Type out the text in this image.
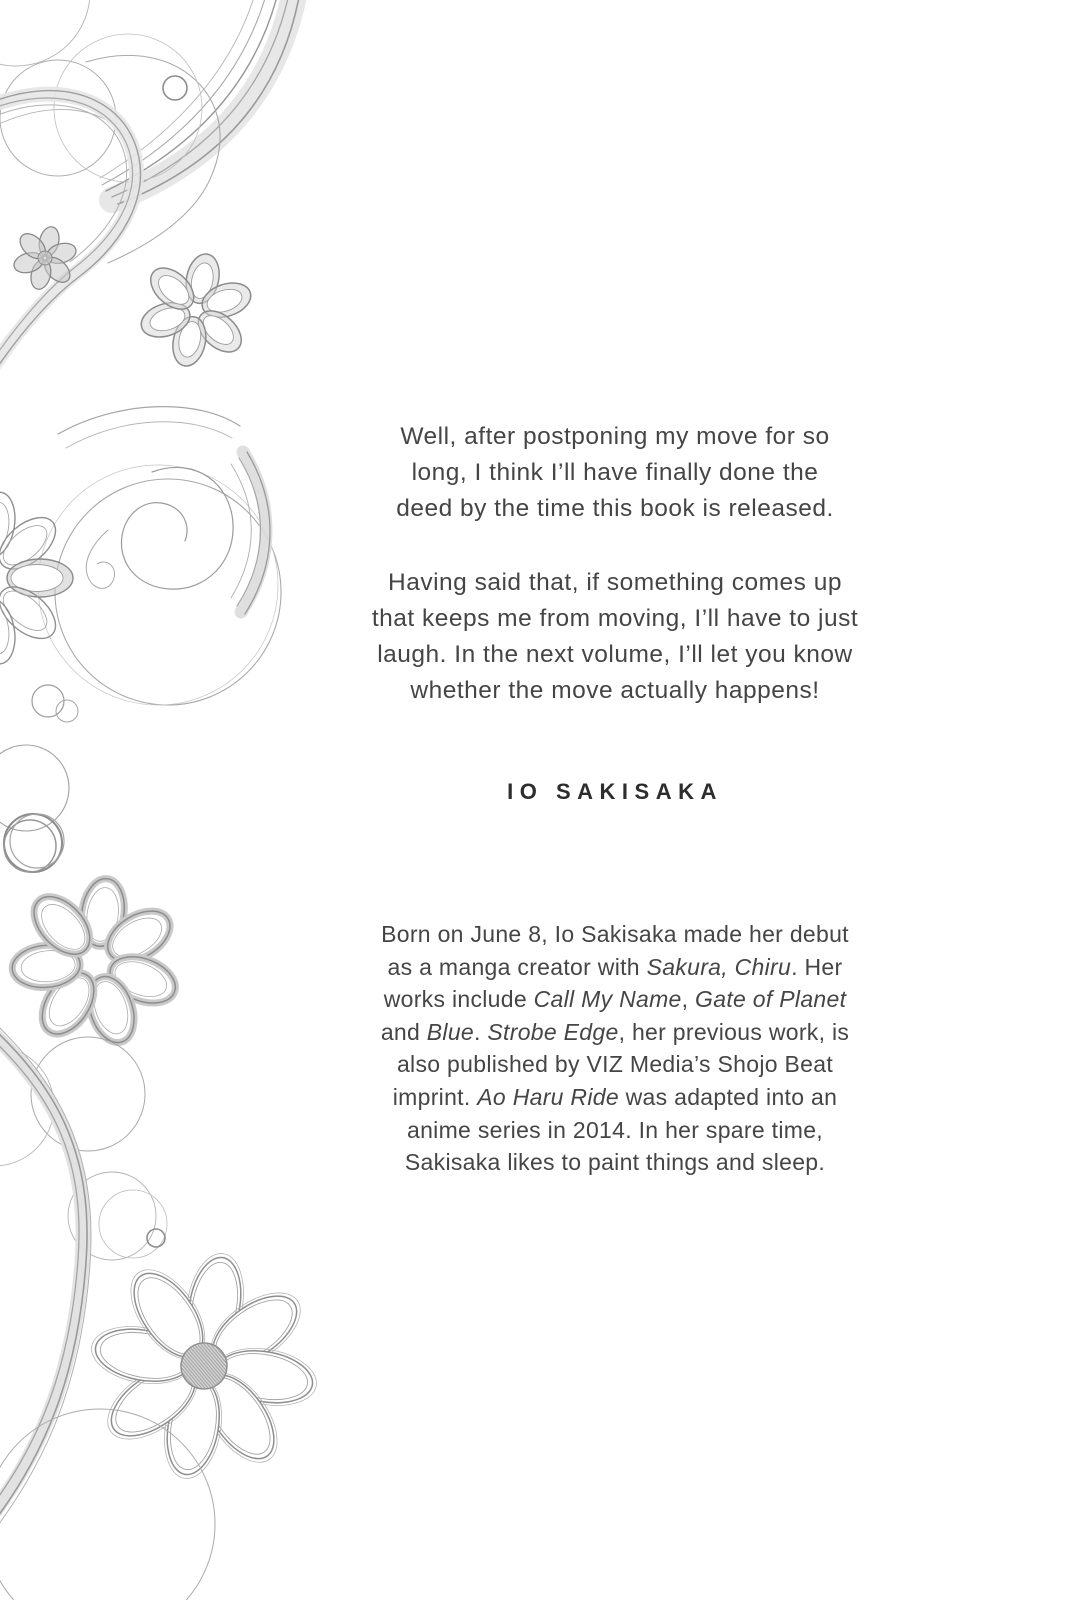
Well, after postponing my move for so
long, I think I’ll have finally done the
deed by the time this book is released.
Having said that, if something comes up
that keeps me from moving, I’ll have to just
laugh. In the next volume, I’ll let you know
whether the move actually happens!
IO SAKISAKA
Born on June 8, Io Sakisaka made her debut
as a manga creator with Sakura, Chiru. Her
works include Call My Name, Gate of Planet
and Blue. Strobe Edge, her previous work, is
also published by VIZ Media’s Shojo Beat
imprint. Ao Haru Ride was adapted into an
anime series in 2014. In her spare time,
Sakisaka likes to paint things and sleep.
